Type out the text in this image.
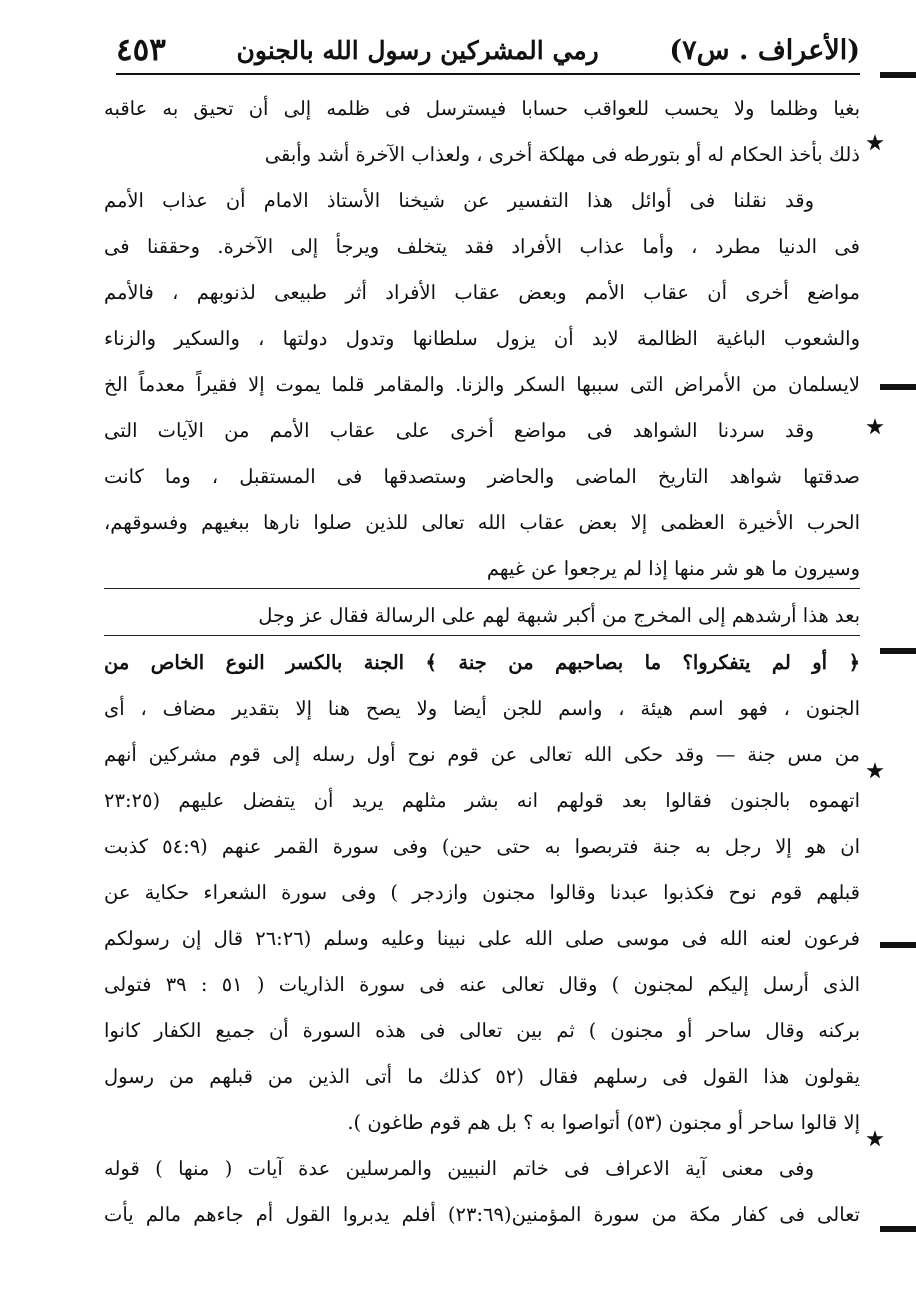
(الأعراف . س٧)
رمي المشركين رسول الله بالجنون
٤٥٣
بغيا وظلما ولا يحسب للعواقب حسابا فيسترسل فى ظلمه إلى أن تحيق به عاقبه
ذلك بأخذ الحكام له أو بتورطه فى مهلكة أخرى ، ولعذاب الآخرة أشد وأبقى
وقد نقلنا فى أوائل هذا التفسير عن شيخنا الأستاذ الامام أن عذاب الأمم
فى الدنيا مطرد ، وأما عذاب الأفراد فقد يتخلف ويرجأ إلى الآخرة. وحققنا فى
مواضع أخرى أن عقاب الأمم وبعض عقاب الأفراد أثر طبيعى لذنوبهم ، فالأمم
والشعوب الباغية الظالمة لابد أن يزول سلطانها وتدول دولتها ، والسكير والزناء
لايسلمان من الأمراض التى سببها السكر والزنا. والمقامر قلما يموت إلا فقيراً معدماً الخ
وقد سردنا الشواهد فى مواضع أخرى على عقاب الأمم من الآيات التى
صدقتها شواهد التاريخ الماضى والحاضر وستصدقها فى المستقبل ، وما كانت
الحرب الأخيرة العظمى إلا بعض عقاب الله تعالى للذين صلوا نارها ببغيهم وفسوقهم،
وسيرون ما هو شر منها إذا لم يرجعوا عن غيهم
بعد هذا أرشدهم إلى المخرج من أكبر شبهة لهم على الرسالة فقال عز وجل
﴿ أو لم يتفكروا؟ ما بصاحبهم من جنة ﴾ الجنة بالكسر النوع الخاص من
الجنون ، فهو اسم هيئة ، واسم للجن أيضا ولا يصح هنا إلا بتقدير مضاف ، أى
من مس جنة — وقد حكى الله تعالى عن قوم نوح أول رسله إلى قوم مشركين أنهم
اتهموه بالجنون فقالوا بعد قولهم انه بشر مثلهم يريد أن يتفضل عليهم (٢٣:٢٥
ان هو إلا رجل به جنة فتربصوا به حتى حين) وفى سورة القمر عنهم (٥٤:٩ كذبت
قبلهم قوم نوح فكذبوا عبدنا وقالوا مجنون وازدجر ) وفى سورة الشعراء حكاية عن
فرعون لعنه الله فى موسى صلى الله على نبينا وعليه وسلم (٢٦:٢٦ قال إن رسولكم
الذى أرسل إليكم لمجنون ) وقال تعالى عنه فى سورة الذاريات ( ٥١ : ٣٩ فتولى
بركنه وقال ساحر أو مجنون ) ثم بين تعالى فى هذه السورة أن جميع الكفار كانوا
يقولون هذا القول فى رسلهم فقال (٥٢ كذلك ما أتى الذين من قبلهم من رسول
إلا قالوا ساحر أو مجنون (٥٣) أتواصوا به ؟ بل هم قوم طاغون ).
وفى معنى آية الاعراف فى خاتم النبيين والمرسلين عدة آيات ( منها ) قوله
تعالى فى كفار مكة من سورة المؤمنين(٢٣:٦٩) أفلم يدبروا القول أم جاءهم مالم يأت
